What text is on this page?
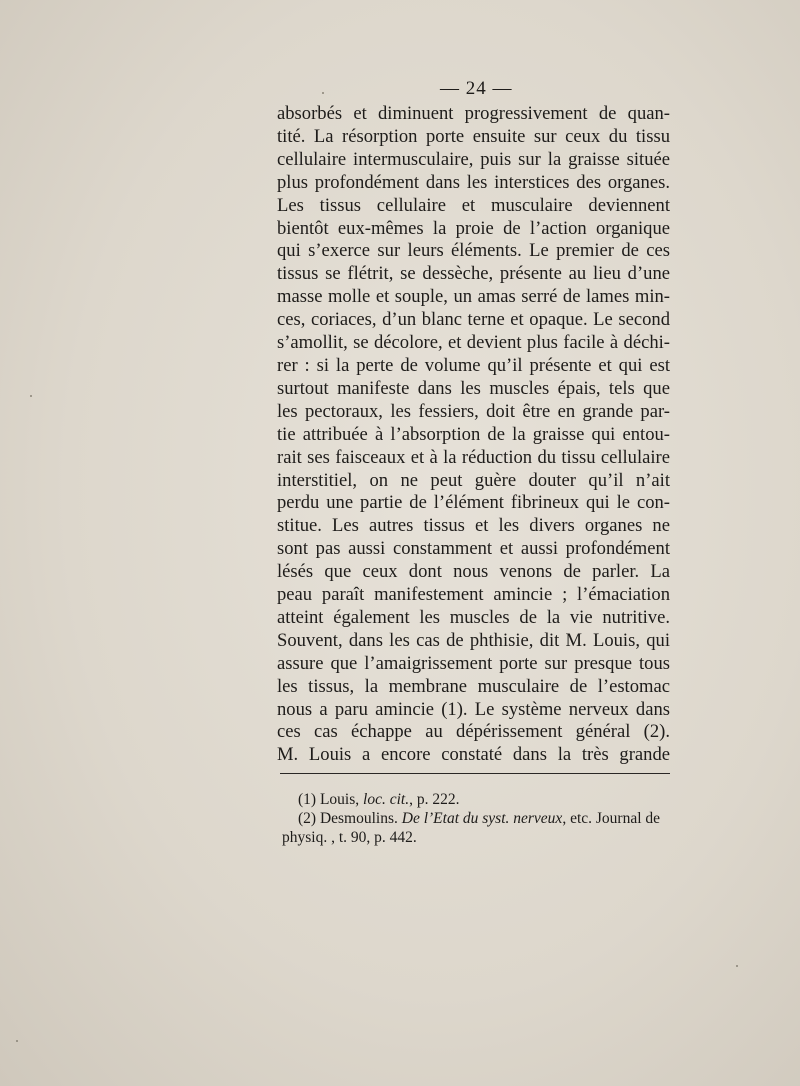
— 24 —
absorbés et diminuent progressivement de quan-
tité. La résorption porte ensuite sur ceux du tissu
cellulaire intermusculaire, puis sur la graisse située
plus profondément dans les interstices des organes.
Les tissus cellulaire et musculaire deviennent
bientôt eux-mêmes la proie de l’action organique
qui s’exerce sur leurs éléments. Le premier de ces
tissus se flétrit, se dessèche, présente au lieu d’une
masse molle et souple, un amas serré de lames min-
ces, coriaces, d’un blanc terne et opaque. Le second
s’amollit, se décolore, et devient plus facile à déchi-
rer : si la perte de volume qu’il présente et qui est
surtout manifeste dans les muscles épais, tels que
les pectoraux, les fessiers, doit être en grande par-
tie attribuée à l’absorption de la graisse qui entou-
rait ses faisceaux et à la réduction du tissu cellulaire
interstitiel, on ne peut guère douter qu’il n’ait
perdu une partie de l’élément fibrineux qui le con-
stitue. Les autres tissus et les divers organes ne
sont pas aussi constamment et aussi profondément
lésés que ceux dont nous venons de parler. La
peau paraît manifestement amincie ; l’émaciation
atteint également les muscles de la vie nutritive.
Souvent, dans les cas de phthisie, dit M. Louis, qui
assure que l’amaigrissement porte sur presque tous
les tissus, la membrane musculaire de l’estomac
nous a paru amincie (1). Le système nerveux dans
ces cas échappe au dépérissement général (2).
M. Louis a encore constaté dans la très grande
(1) Louis, loc. cit., p. 222.
(2) Desmoulins. De l’Etat du syst. nerveux, etc. Journal de
physiq. , t. 90, p. 442.
